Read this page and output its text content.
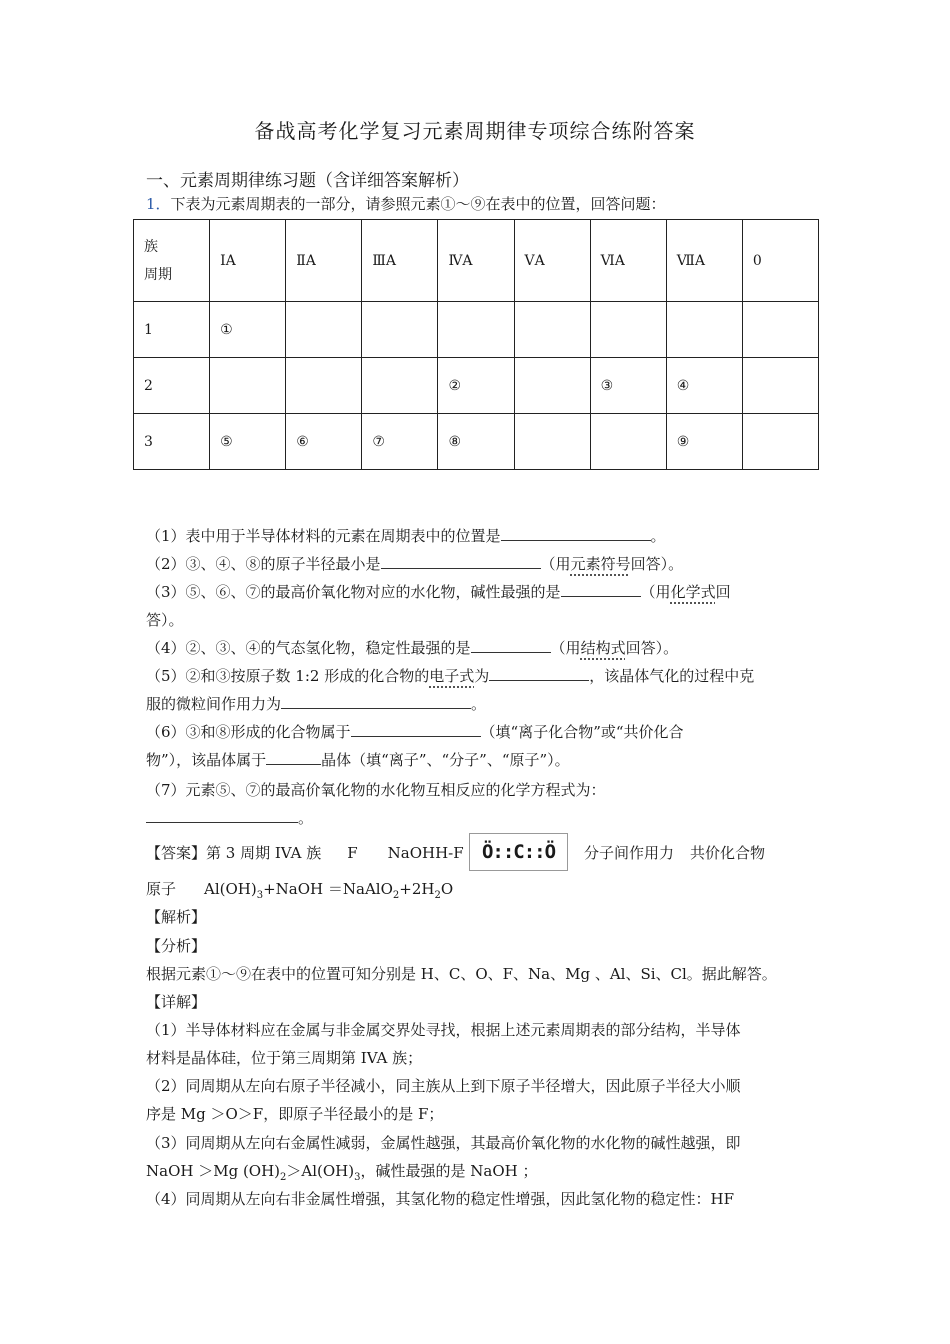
备战高考化学复习元素周期律专项综合练附答案
一、元素周期律练习题（含详细答案解析）
1．下表为元素周期表的一部分，请参照元素①～⑨在表中的位置，回答问题：
族
周期	ⅠA	ⅡA	ⅢA	ⅣA	ⅤA	ⅥA	ⅦA	0
1	①							
2				②		③	④	
3	⑤	⑥	⑦	⑧			⑨	
（1）表中用于半导体材料的元素在周期表中的位置是	。
（2）③、④、⑧的原子半径最小是	（用元素符号回答）。
（3）⑤、⑥、⑦的最高价氧化物对应的水化物，碱性最强的是	（用化学式回
答）。
（4）②、③、④的气态氢化物，稳定性最强的是	（用结构式回答）。
（5）②和③按原子数 1:2 形成的化合物的电子式为	，该晶体气化的过程中克
服的微粒间作用力为	。
（6）③和⑧形成的化合物属于	（填“离子化合物”或“共价化合
物”），该晶体属于	晶体（填“离子”、“分子”、“原子”）。
（7）元素⑤、⑦的最高价氧化物的水化物互相反应的化学方程式为：
。
【答案】第 3 周期 IVA 族 F NaOHH-F Ö::C::Ö	分子间作用力 共价化合物
原子 $Al(OH)_3+NaOH$ $=NaAlO_2+2H_2O$
【解析】
【分析】
根据元素①～⑨在表中的位置可知分别是 H、C、O、F、Na、Mg 、Al、Si、Cl。据此解答。
【详解】
（1）半导体材料应在金属与非金属交界处寻找，根据上述元素周期表的部分结构，半导体
材料是晶体硅，位于第三周期第 IVA 族；
（2）同周期从左向右原子半径减小，同主族从上到下原子半径增大，因此原子半径大小顺
序是 Mg ＞O＞F，即原子半径最小的是 F；
（3）同周期从左向右金属性减弱，金属性越强，其最高价氧化物的水化物的碱性越强，即
NaOH ＞Mg $(OH)_2>Al(OH)_3$，碱性最强的是 NaOH ；
（4）同周期从左向右非金属性增强，其氢化物的稳定性增强，因此氢化物的稳定性：HF
